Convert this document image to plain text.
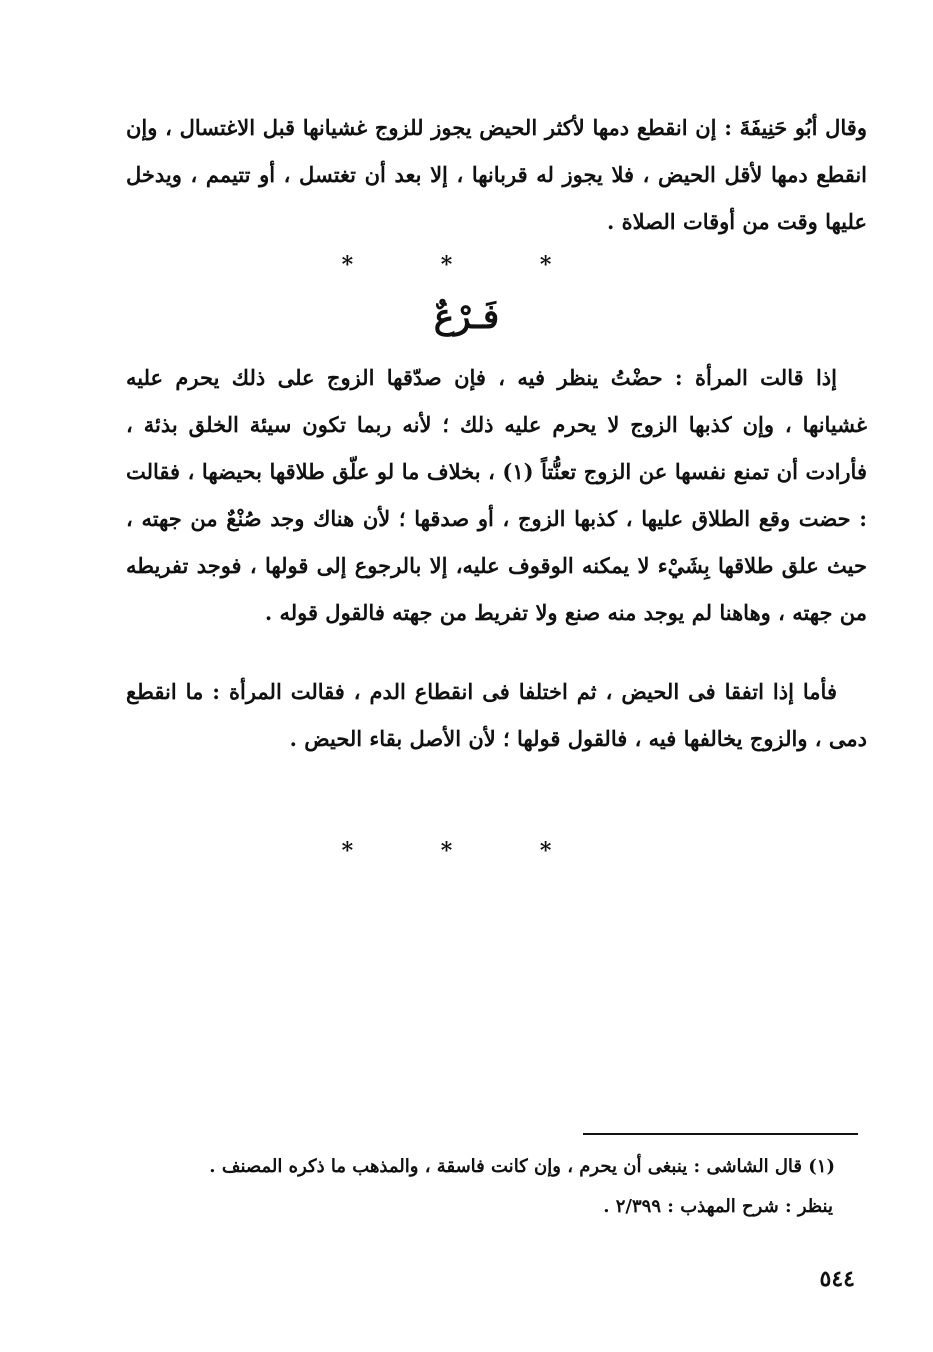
وقال أبُو حَنِيفَةَ : إن انقطع دمها لأكثر الحيض يجوز للزوج غشيانها قبل الاغتسال ، وإن انقطع دمها لأقل الحيض ، فلا يجوز له قربانها ، إلا بعد أن تغتسل ، أو تتيمم ، ويدخل عليها وقت من أوقات الصلاة .
* * *
فَـرْعٌ
إذا قالت المرأة : حضْتُ ينظر فيه ، فإن صدّقها الزوج على ذلك يحرم عليه غشيانها ، وإن كذبها الزوج لا يحرم عليه ذلك ؛ لأنه ربما تكون سيئة الخلق بذئة ، فأرادت أن تمنع نفسها عن الزوج تعنُّتاً (١) ، بخلاف ما لو علّق طلاقها بحيضها ، فقالت : حضت وقع الطلاق عليها ، كذبها الزوج ، أو صدقها ؛ لأن هناك وجد صُنْعٌ من جهته ، حيث علق طلاقها بِشَيْء لا يمكنه الوقوف عليه، إلا بالرجوع إلى قولها ، فوجد تفريطه من جهته ، وهاهنا لم يوجد منه صنع ولا تفريط من جهته فالقول قوله .
فأما إذا اتفقا فى الحيض ، ثم اختلفا فى انقطاع الدم ، فقالت المرأة : ما انقطع دمى ، والزوج يخالفها فيه ، فالقول قولها ؛ لأن الأصل بقاء الحيض .
* * *
(١) قال الشاشى : ينبغى أن يحرم ، وإن كانت فاسقة ، والمذهب ما ذكره المصنف .
ينظر : شرح المهذب : ٢/٣٩٩ .
٥٤٤
